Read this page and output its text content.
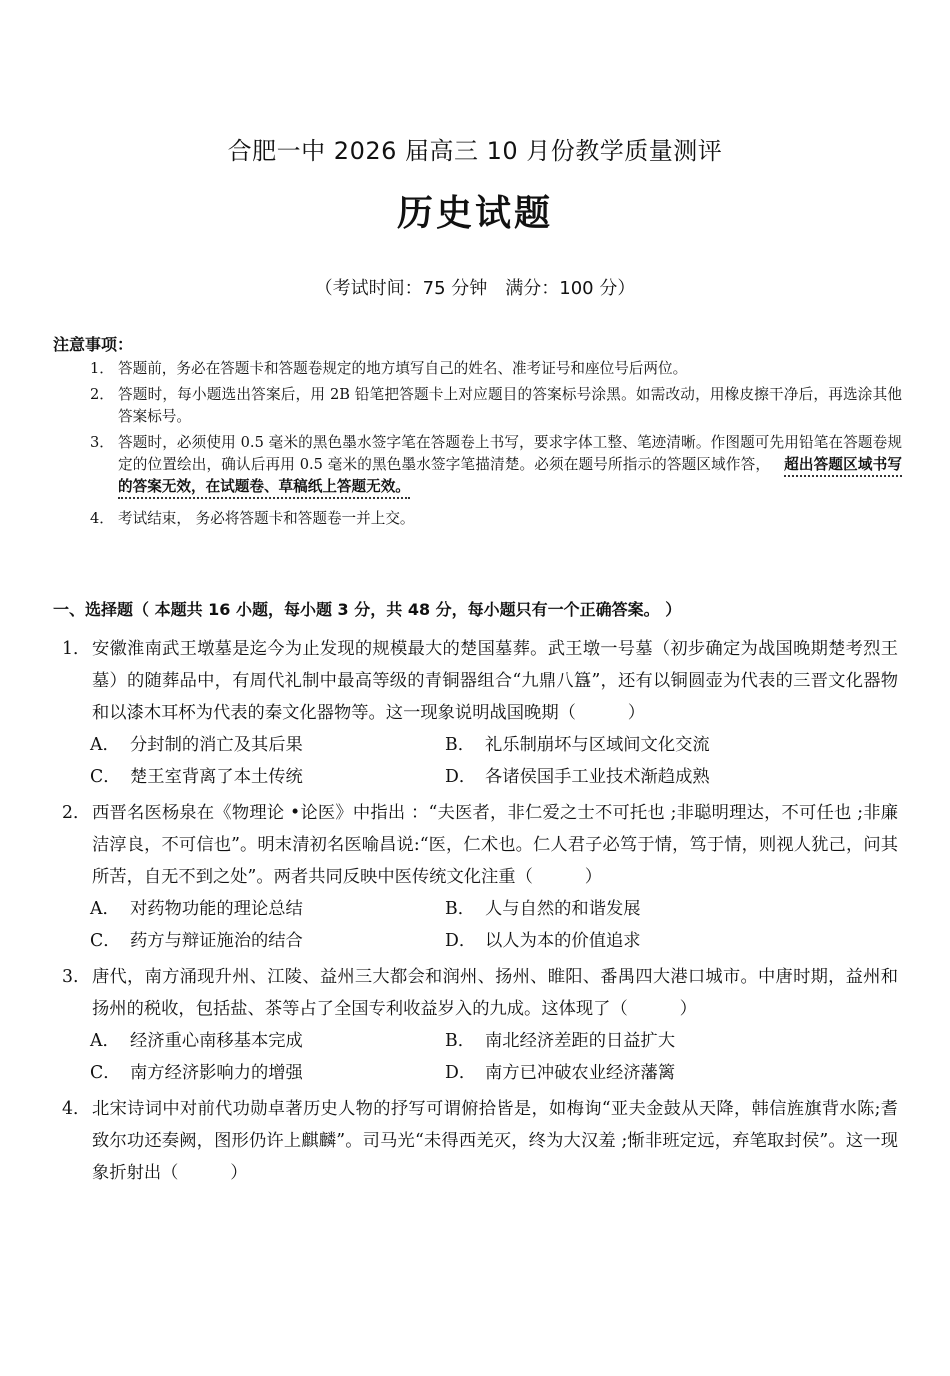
合肥一中 2026 届高三 10 月份教学质量测评
历史试题
（考试时间：75 分钟　满分：100 分）
注意事项：
1． 答题前，务必在答题卡和答题卷规定的地方填写自己的姓名、准考证号和座位号后两位。
2． 答题时，每小题选出答案后，用 2B 铅笔把答题卡上对应题目的答案标号涂黑。如需改动，用橡皮擦干净后，再选涂其他答案标号。
3． 答题时，必须使用 0.5 毫米的黑色墨水签字笔在答题卷上书写，要求字体工整、笔迹清晰。作图题可先用铅笔在答题卷规定的位置绘出，确认后再用 0.5 毫米的黑色墨水签字笔描清楚。必须在题号所指示的答题区域作答， 超出答题区域书写的答案无效，在试题卷、草稿纸上答题无效。
4． 考试结束， 务必将答题卡和答题卷一并上交。
一、选择题（ 本题共 16 小题，每小题 3 分，共 48 分，每小题只有一个正确答案。 ）
1． 安徽淮南武王墩墓是迄今为止发现的规模最大的楚国墓葬。武王墩一号墓（初步确定为战国晚期楚考烈王墓）的随葬品中，有周代礼制中最高等级的青铜器组合“九鼎八簋”，还有以铜圆壶为代表的三晋文化器物和以漆木耳杯为代表的秦文化器物等。这一现象说明战国晚期（　　　）
A． 分封制的消亡及其后果	B． 礼乐制崩坏与区域间文化交流
C． 楚王室背离了本土传统	D． 各诸侯国手工业技术渐趋成熟
2． 西晋名医杨泉在《物理论 •论医》中指出 ：“夫医者，非仁爱之士不可托也 ;非聪明理达，不可任也 ;非廉洁淳良，不可信也”。明末清初名医喻昌说:“医，仁术也。仁人君子必笃于情，笃于情，则视人犹己，问其所苦，自无不到之处”。两者共同反映中医传统文化注重（　　　）
A． 对药物功能的理论总结	B． 人与自然的和谐发展
C． 药方与辩证施治的结合	D． 以人为本的价值追求
3. 唐代，南方涌现升州、江陵、益州三大都会和润州、扬州、睢阳、番禺四大港口城市。中唐时期，益州和扬州的税收，包括盐、茶等占了全国专利收益岁入的九成。这体现了（　　　）
A． 经济重心南移基本完成	B． 南北经济差距的日益扩大
C． 南方经济影响力的增强	D． 南方已冲破农业经济藩篱
4． 北宋诗词中对前代功勋卓著历史人物的抒写可谓俯拾皆是，如梅询“亚夫金鼓从天降，韩信旌旗背水陈;耆致尔功还奏阙，图形仍许上麒麟”。司马光“未得西羌灭，终为大汉羞 ;惭非班定远，弃笔取封侯”。这一现象折射出（　　　）
